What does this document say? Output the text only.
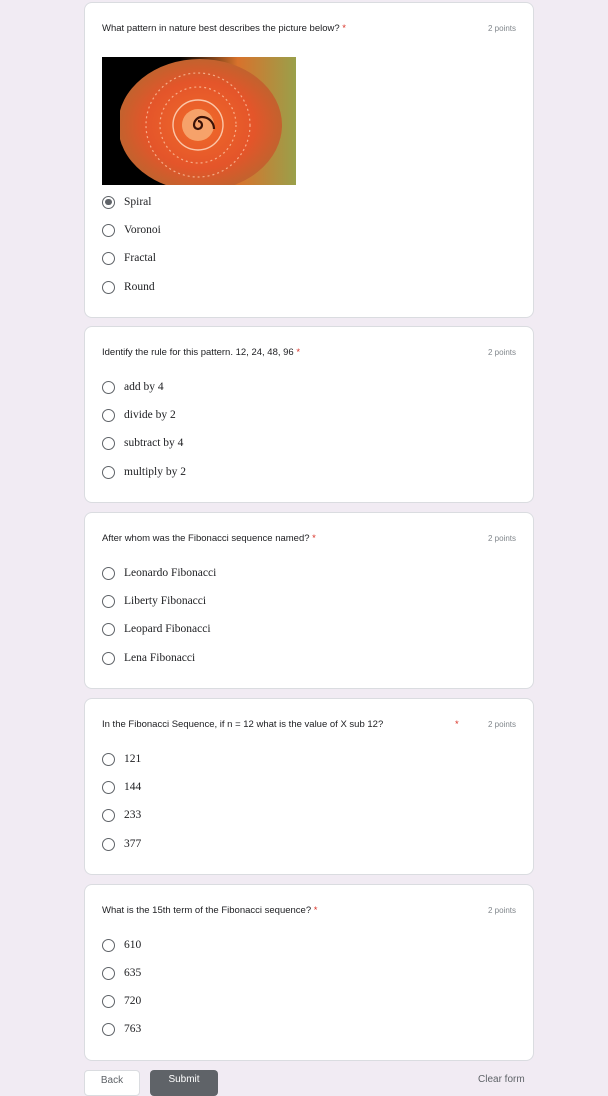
What pattern in nature best describes the picture below? *	2 points
Spiral
Voronoi
Fractal
Round
Identify the rule for this pattern. 12, 24, 48, 96 *	2 points
add by 4
divide by 2
subtract by 4
multiply by 2
After whom was the Fibonacci sequence named? *	2 points
Leonardo Fibonacci
Liberty Fibonacci
Leopard Fibonacci
Lena Fibonacci
In the Fibonacci Sequence, if n = 12 what is the value of X sub 12?	*	2 points
121
144
233
377
What is the 15th term of the Fibonacci sequence? *	2 points
610
635
720
763
Back	Submit	Clear form
